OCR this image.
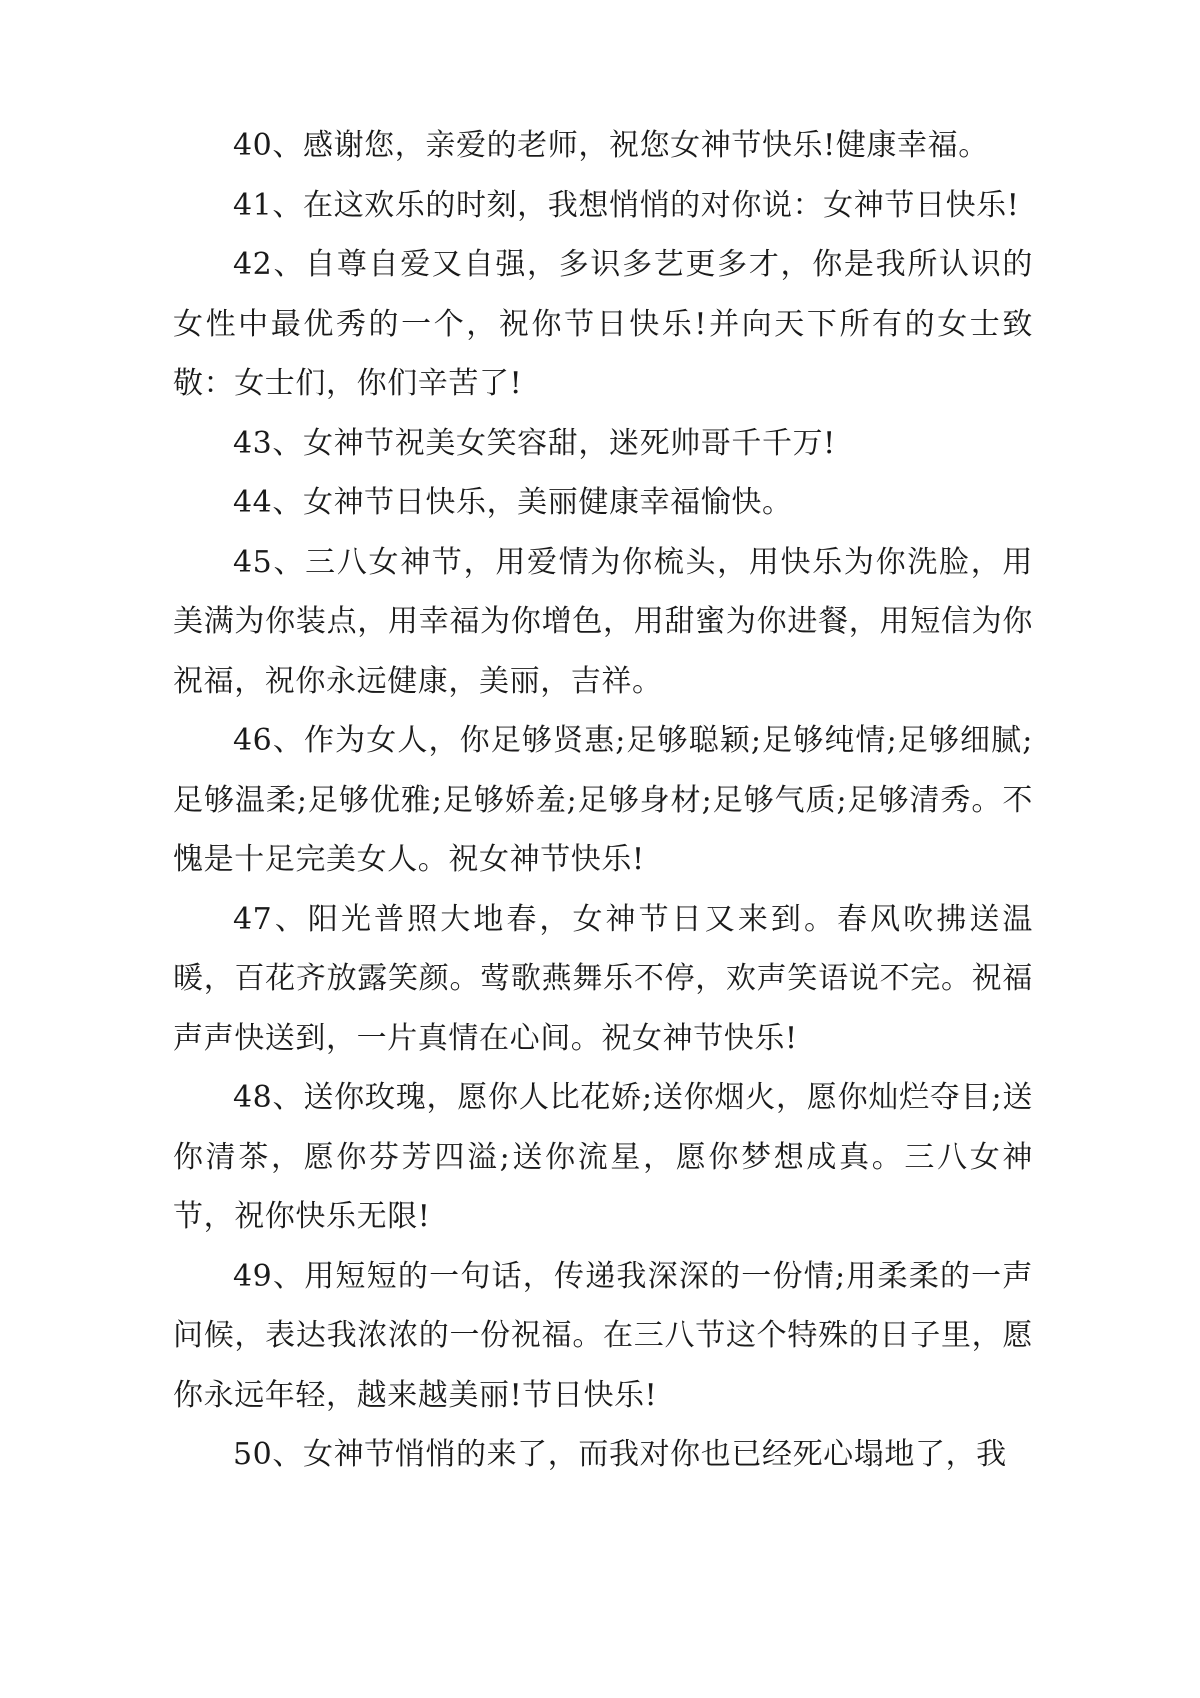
40、感谢您，亲爱的老师，祝您女神节快乐!健康幸福。

41、在这欢乐的时刻，我想悄悄的对你说：女神节日快乐!

42、自尊自爱又自强，多识多艺更多才，你是我所认识的女性中最优秀的一个，祝你节日快乐!并向天下所有的女士致敬：女士们，你们辛苦了!

43、女神节祝美女笑容甜，迷死帅哥千千万!

44、女神节日快乐，美丽健康幸福愉快。

45、三八女神节，用爱情为你梳头，用快乐为你洗脸，用美满为你装点，用幸福为你增色，用甜蜜为你进餐，用短信为你祝福，祝你永远健康，美丽，吉祥。

46、作为女人，你足够贤惠;足够聪颖;足够纯情;足够细腻;足够温柔;足够优雅;足够娇羞;足够身材;足够气质;足够清秀。不愧是十足完美女人。祝女神节快乐!

47、阳光普照大地春，女神节日又来到。春风吹拂送温暖，百花齐放露笑颜。莺歌燕舞乐不停，欢声笑语说不完。祝福声声快送到，一片真情在心间。祝女神节快乐!

48、送你玫瑰，愿你人比花娇;送你烟火，愿你灿烂夺目;送你清茶，愿你芬芳四溢;送你流星，愿你梦想成真。三八女神节，祝你快乐无限!

49、用短短的一句话，传递我深深的一份情;用柔柔的一声问候，表达我浓浓的一份祝福。在三八节这个特殊的日子里，愿你永远年轻，越来越美丽!节日快乐!

50、女神节悄悄的来了，而我对你也已经死心塌地了，我
